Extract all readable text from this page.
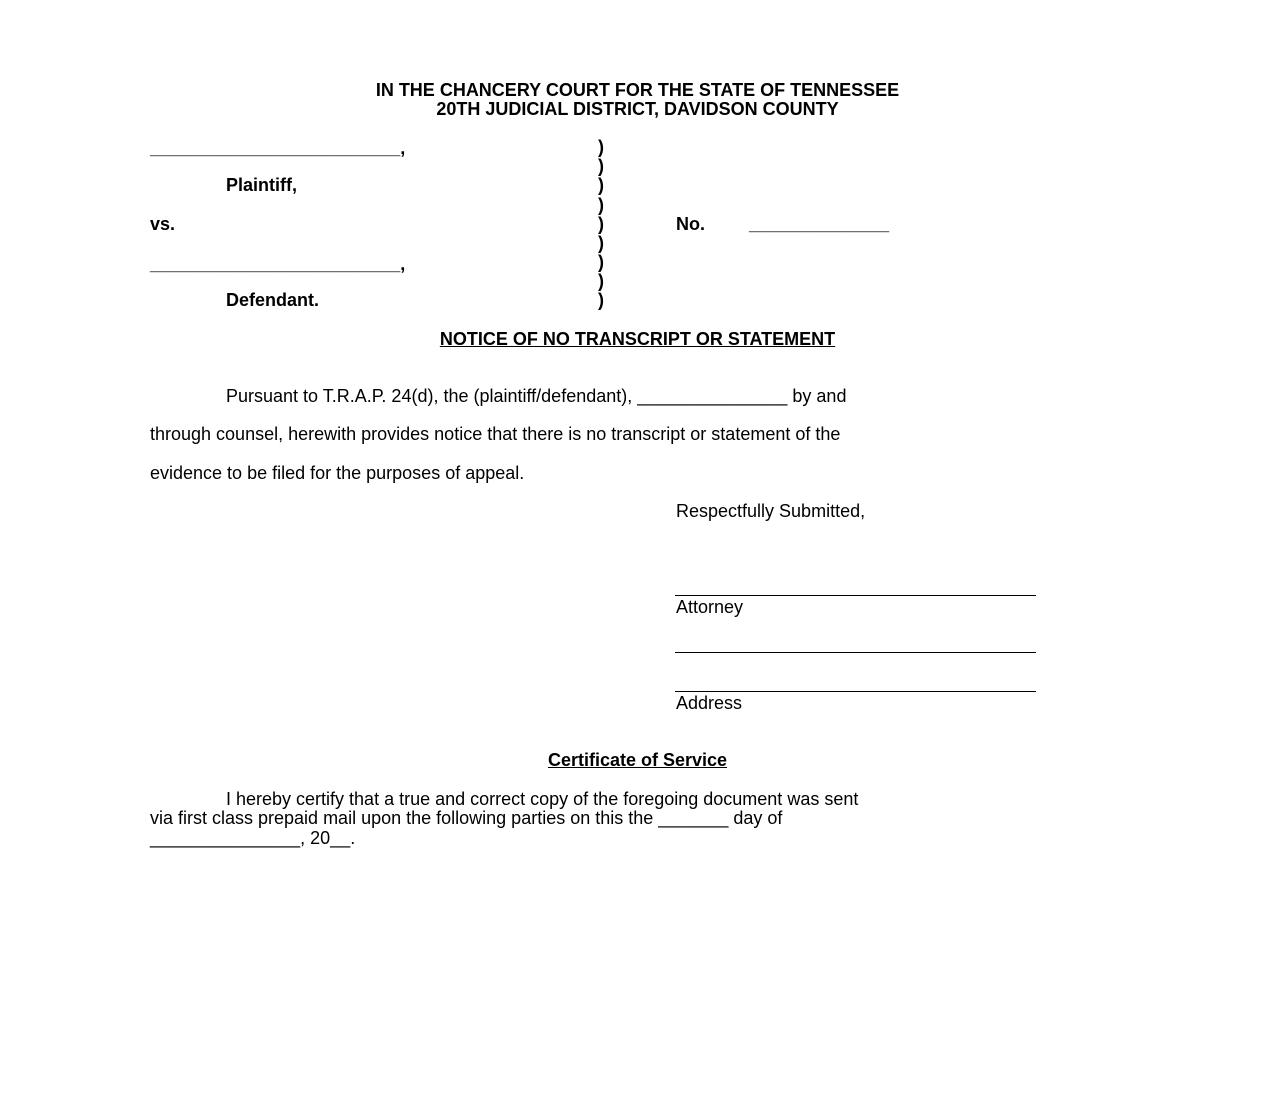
IN THE CHANCERY COURT FOR THE STATE OF TENNESSEE
20TH JUDICIAL DISTRICT, DAVIDSON COUNTY
_________________________,
Plaintiff,
vs.
_________________________,
Defendant.
)
)
)
)
)
)
)
)
)
No. ______________
NOTICE OF NO TRANSCRIPT OR STATEMENT
Pursuant to T.R.A.P. 24(d), the (plaintiff/defendant), _______________ by and
through counsel, herewith provides notice that there is no transcript or statement of the
evidence to be filed for the purposes of appeal.
Respectfully Submitted,
Attorney
Address
Certificate of Service
I hereby certify that a true and correct copy of the foregoing document was sent
via first class prepaid mail upon the following parties on this the _______ day of
_______________, 20__.
